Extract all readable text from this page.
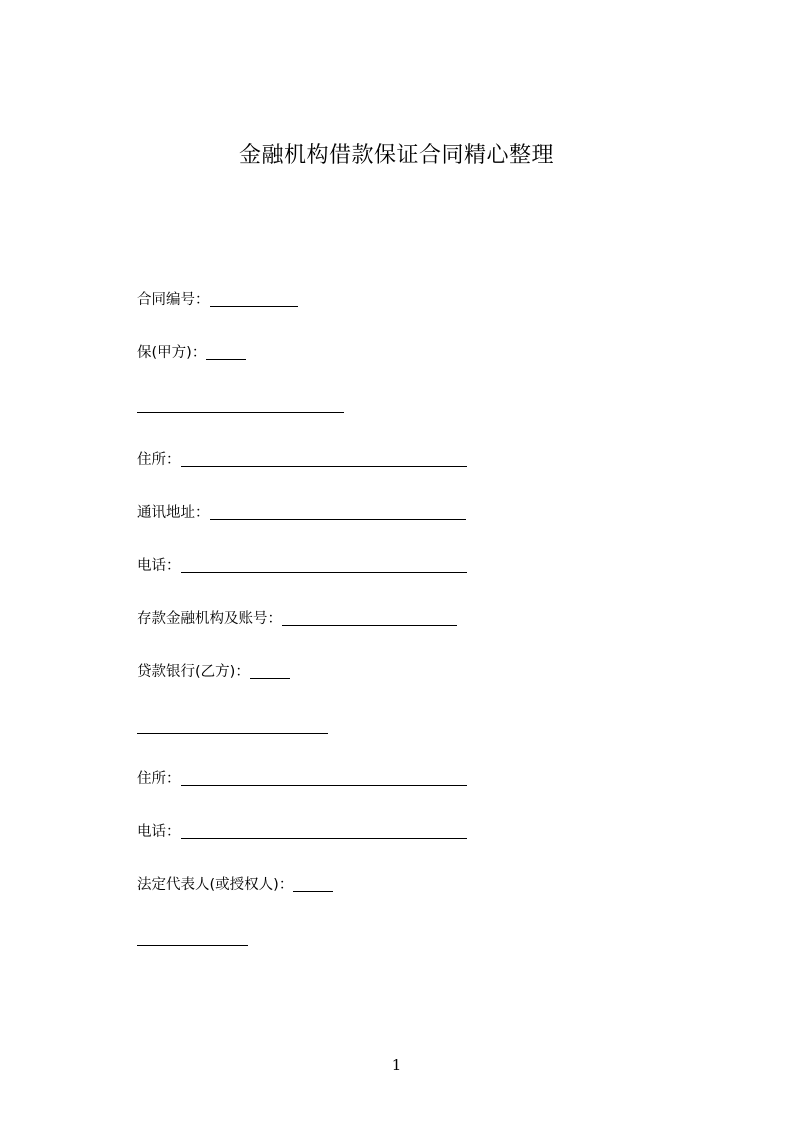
金融机构借款保证合同精心整理
合同编号：
保(甲方)：
住所：
通讯地址：
电话：
存款金融机构及账号：
贷款银行(乙方)：
住所：
电话：
法定代表人(或授权人)：
1
